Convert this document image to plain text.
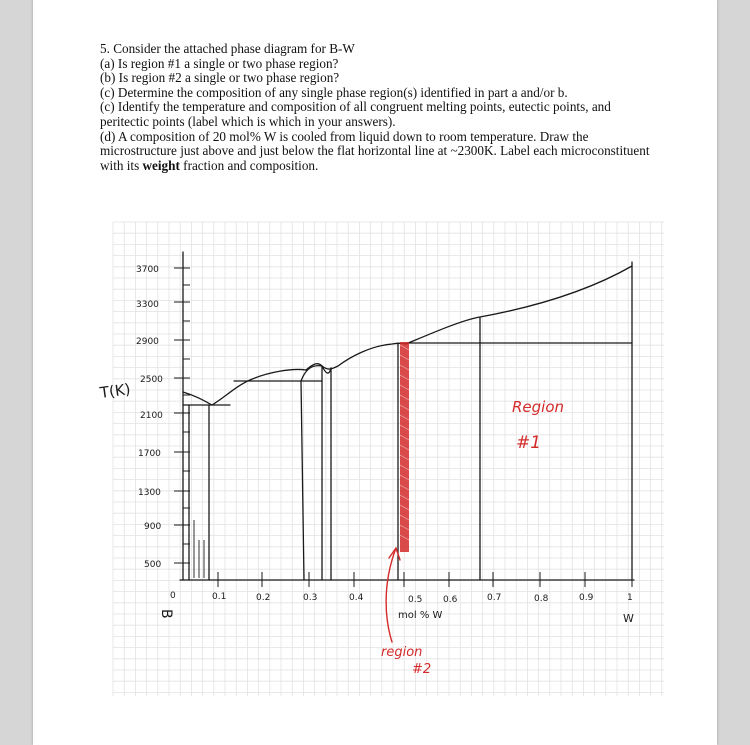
5. Consider the attached phase diagram for B-W
(a) Is region #1 a single or two phase region?
(b) Is region #2 a single or two phase region?
(c) Determine the composition of any single phase region(s) identified in part a and/or b.
(c) Identify the temperature and composition of all congruent melting points, eutectic points, and peritectic points (label which is which in your answers).
(d) A composition of 20 mol% W is cooled from liquid down to room temperature. Draw the microstructure just above and just below the flat horizontal line at ~2300K. Label each microconstituent with its weight fraction and composition.
3700
3300
2900
2500
2100
1700
1300
900
500
T(K)
0	0.1	0.2	0.3	0.4	0.5 0.6	0.7	0.8	0.9	1
mol % W
B	W
Region
#1
region
#2
